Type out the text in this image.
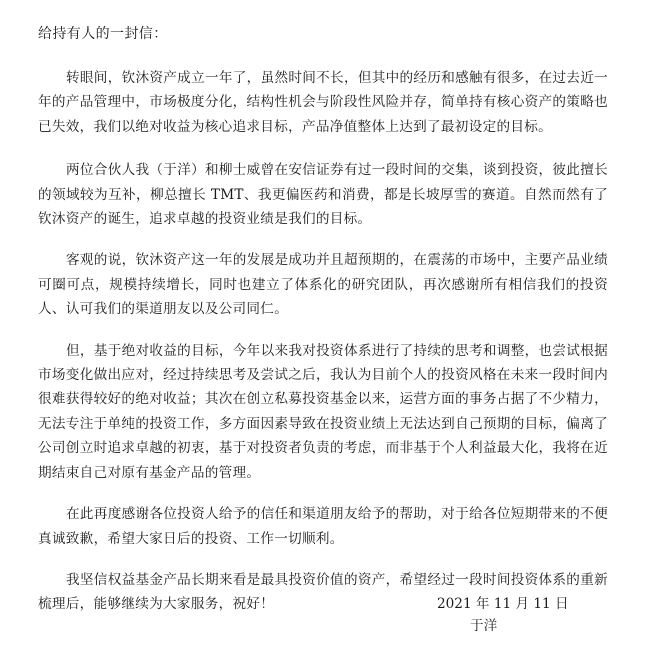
给持有人的一封信：

转眼间，钦沐资产成立一年了，虽然时间不长，但其中的经历和感触有很多，在过去近一年的产品管理中，市场极度分化，结构性机会与阶段性风险并存，简单持有核心资产的策略也已失效，我们以绝对收益为核心追求目标，产品净值整体上达到了最初设定的目标。

两位合伙人我（于洋）和柳士威曾在安信证券有过一段时间的交集，谈到投资，彼此擅长的领域较为互补，柳总擅长 TMT、我更偏医药和消费，都是长坡厚雪的赛道。自然而然有了钦沐资产的诞生，追求卓越的投资业绩是我们的目标。

客观的说，钦沐资产这一年的发展是成功并且超预期的，在震荡的市场中，主要产品业绩可圈可点，规模持续增长，同时也建立了体系化的研究团队，再次感谢所有相信我们的投资人、认可我们的渠道朋友以及公司同仁。

但，基于绝对收益的目标，今年以来我对投资体系进行了持续的思考和调整，也尝试根据市场变化做出应对，经过持续思考及尝试之后，我认为目前个人的投资风格在未来一段时间内很难获得较好的绝对收益；其次在创立私募投资基金以来，运营方面的事务占据了不少精力，无法专注于单纯的投资工作，多方面因素导致在投资业绩上无法达到自己预期的目标，偏离了公司创立时追求卓越的初衷，基于对投资者负责的考虑，而非基于个人利益最大化，我将在近期结束自己对原有基金产品的管理。

在此再度感谢各位投资人给予的信任和渠道朋友给予的帮助，对于给各位短期带来的不便真诚致歉，希望大家日后的投资、工作一切顺利。

我坚信权益基金产品长期来看是最具投资价值的资产，希望经过一段时间投资体系的重新梳理后，能够继续为大家服务，祝好！	2021 年 11 月 11 日
于洋
